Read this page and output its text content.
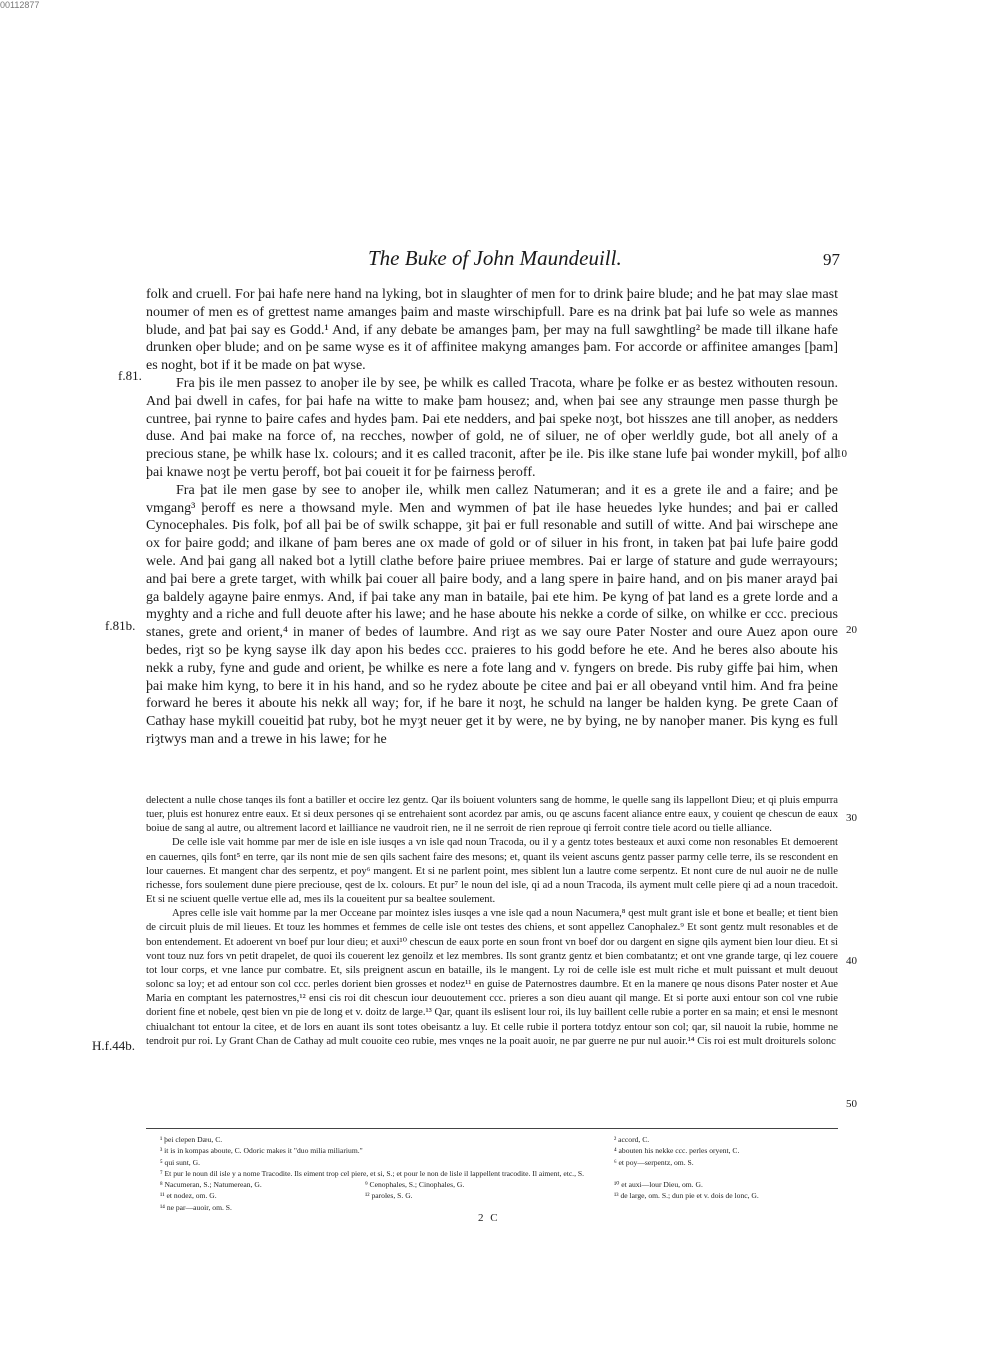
00112877
The Buke of John Maundeuill.	97

folk and cruell. For þai hafe nere hand na lyking, bot in slaughter of men for to drink þaire blude; and he þat may slae mast noumer of men es of grettest name amanges þaim and maste wirschipfull. Þare es na drink þat þai lufe so wele as mannes blude, and þat þai say es Godd.¹ And, if any debate be amanges þam, þer may na full sawghtling² be made till ilkane hafe drunken oþer blude; and on þe same wyse es it of affinitee makyng amanges þam. For accorde or affinitee amanges [þam] es noght, bot if it be made on þat wyse.

Fra þis ile men passez to anoþer ile by see, þe whilk es called Tracota, whare þe folke er as bestez withouten resoun. And þai dwell in cafes, for þai hafe na witte to make þam housez; and, when þai see any straunge men passe thurgh þe cuntree, þai rynne to þaire cafes and hydes þam. Þai ete nedders, and þai speke noȝt, bot hisszes ane till anoþer, as nedders duse. And þai make na force of, na recches, nowþer of gold, ne of siluer, ne of oþer werldly gude, bot all anely of a precious stane, þe whilk hase lx. colours; and it es called traconit, after þe ile. Þis ilke stane lufe þai wonder mykill, þof all þai knawe noȝt þe vertu þeroff, bot þai coueit it for þe fairness þeroff.

Fra þat ile men gase by see to anoþer ile, whilk men callez Natumeran; and it es a grete ile and a faire; and þe vmgang³ þeroff es nere a thowsand myle. Men and wymmen of þat ile hase heuedes lyke hundes; and þai er called Cynocephales. Þis folk, þof all þai be of swilk schappe, ȝit þai er full resonable and sutill of witte. And þai wirschepe ane ox for þaire godd; and ilkane of þam beres ane ox made of gold or of siluer in his front, in taken þat þai lufe þaire godd wele. And þai gang all naked bot a lytill clathe before þaire priuee membres. Þai er large of stature and gude werrayours; and þai bere a grete target, with whilk þai couer all þaire body, and a lang spere in þaire hand, and on þis maner arayd þai ga baldely agayne þaire enmys. And, if þai take any man in bataile, þai ete him. Þe kyng of þat land es a grete lorde and a myghty and a riche and full deuote after his lawe; and he hase aboute his nekke a corde of silke, on whilke er ccc. precious stanes, grete and orient,⁴ in maner of bedes of laumbre. And riȝt as we say oure Pater Noster and oure Auez apon oure bedes, riȝt so þe kyng sayse ilk day apon his bedes ccc. praieres to his godd before he ete. And he beres also aboute his nekk a ruby, fyne and gude and orient, þe whilke es nere a fote lang and v. fyngers on brede. Þis ruby giffe þai him, when þai make him kyng, to bere it in his hand, and so he rydez aboute þe citee and þai er all obeyand vntil him. And fra þeine forward he beres it aboute his nekk all way; for, if he bare it noȝt, he schuld na langer be halden kyng. Þe grete Caan of Cathay hase mykill coueitid þat ruby, bot he myȝt neuer get it by were, ne by bying, ne by nanoþer maner. Þis kyng es full riȝtwys man and a trewe in his lawe; for he

delectent a nulle chose tanqes ils font a batiller et occire lez gentz. Qar ils boiuent volunters sang de homme, le quelle sang ils lappellont Dieu; et qi pluis empurra tuer, pluis est honurez entre eaux. Et si deux persones qi se entrehaient sont acordez par amis, ou qe ascuns facent aliance entre eaux, y couient qe chescun de eaux boiue de sang al autre, ou altrement lacord et lailliance ne vaudroit rien, ne il ne serroit de rien reproue qi ferroit contre tiele acord ou tielle alliance.

De celle isle vait homme par mer de isle en isle iusqes a vn isle qad noun Tracoda, ou il y a gentz totes besteaux et auxi come non resonables Et demoerent en cauernes, qils font⁵ en terre, qar ils nont mie de sen qils sachent faire des mesons; et, quant ils veient ascuns gentz passer parmy celle terre, ils se rescondent en lour cauernes. Et mangent char des serpentz, et poy⁶ mangent. Et si ne parlent point, mes siblent lun a lautre come serpentz. Et nont cure de nul auoir ne de nulle richesse, fors soulement dune piere preciouse, qest de lx. colours. Et pur⁷ le noun del isle, qi ad a noun Tracoda, ils ayment mult celle piere qi ad a noun tracedoit. Et si ne sciuent quelle vertue elle ad, mes ils la coueitent pur sa bealtee soulement.

Apres celle isle vait homme par la mer Occeane par mointez isles iusqes a vne isle qad a noun Nacumera,⁸ qest mult grant isle et bone et bealle; et tient bien de circuit pluis de mil lieues. Et touz les hommes et femmes de celle isle ont testes des chiens, et sont appellez Canophalez.⁹ Et sont gentz mult resonables et de bon entendement. Et adoerent vn boef pur lour dieu; et auxi¹⁰ chescun de eaux porte en soun front vn boef dor ou dargent en signe qils ayment bien lour dieu. Et si vont touz nuz fors vn petit drapelet, de quoi ils couerent lez genoilz et lez membres. Ils sont grantz gentz et bien combatantz; et ont vne grande targe, qi lez couere tot lour corps, et vne lance pur combatre. Et, sils preignent ascun en bataille, ils le mangent. Ly roi de celle isle est mult riche et mult puissant et mult deuout solonc sa loy; et ad entour son col ccc. perles dorient bien grosses et nodez¹¹ en guise de Paternostres daumbre. Et en la manere qe nous disons Pater noster et Aue Maria en comptant les paternostres,¹² ensi cis roi dit chescun iour deuoutement ccc. prieres a son dieu auant qil mange. Et si porte auxi entour son col vne rubie dorient fine et nobele, qest bien vn pie de long et v. doitz de large.¹³ Qar, quant ils eslisent lour roi, ils luy baillent celle rubie a porter en sa main; et ensi le mesnont chiualchant tot entour la citee, et de lors en auant ils sont totes obeisantz a luy. Et celle rubie il portera totdyz entour son col; qar, sil nauoit la rubie, homme ne tendroit pur roi. Ly Grant Chan de Cathay ad mult couoite ceo rubie, mes vnqes ne la poait auoir, ne par guerre ne pur nul auoir.¹⁴ Cis roi est mult droiturels solonc

f.81.
f.81b.
H.f.44b.
10
20
30
40
50
¹ þei clepen Dæu, C.
³ it is in kompas aboute, C. Odoric makes it "duo milia miliarium."
⁵ qui sunt, G.
⁷ Et pur le noun dil isle y a nome Tracodite. Ils eiment trop cel piere, et si, S.; et pour le non de lisle il lappellent tracodite. Il aiment, etc., S.
⁸ Nacumeran, S.; Natumerean, G.
¹¹ et nodez, om. G.
¹⁴ ne par—auoir, om. S.
⁹ Cenophales, S.; Cinophales, G.
¹² paroles, S. G.
² accord, C.
⁴ abouten his nekke ccc. perles oryent, C.
⁶ et poy—serpentz, om. S.
¹⁰ et auxi—lour Dieu, om. G.
¹³ de large, om. S.; dun pie et v. dois de lonc, G.
2 C
